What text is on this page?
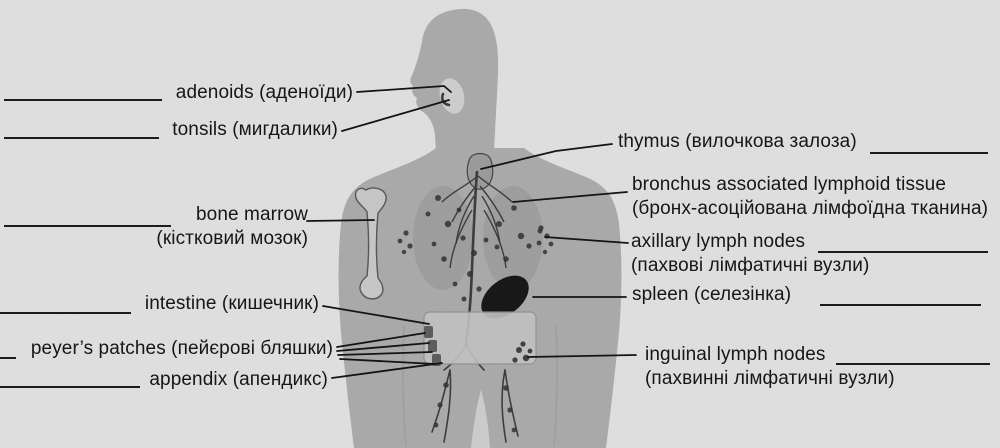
adenoids (аденоїди)
tonsils (мигдалики)
bone marrow
(кістковий мозок)
intestine (кишечник)
peyer’s patches (пейєрові бляшки)
appendix (апендикс)
thymus (вилочкова залоза)
bronchus associated lymphoid tissue
(бронх-асоційована лімфоїдна тканина)
axillary lymph nodes
(пахвові лімфатичні вузли)
spleen (селезінка)
inguinal lymph nodes
(пахвинні лімфатичні вузли)
